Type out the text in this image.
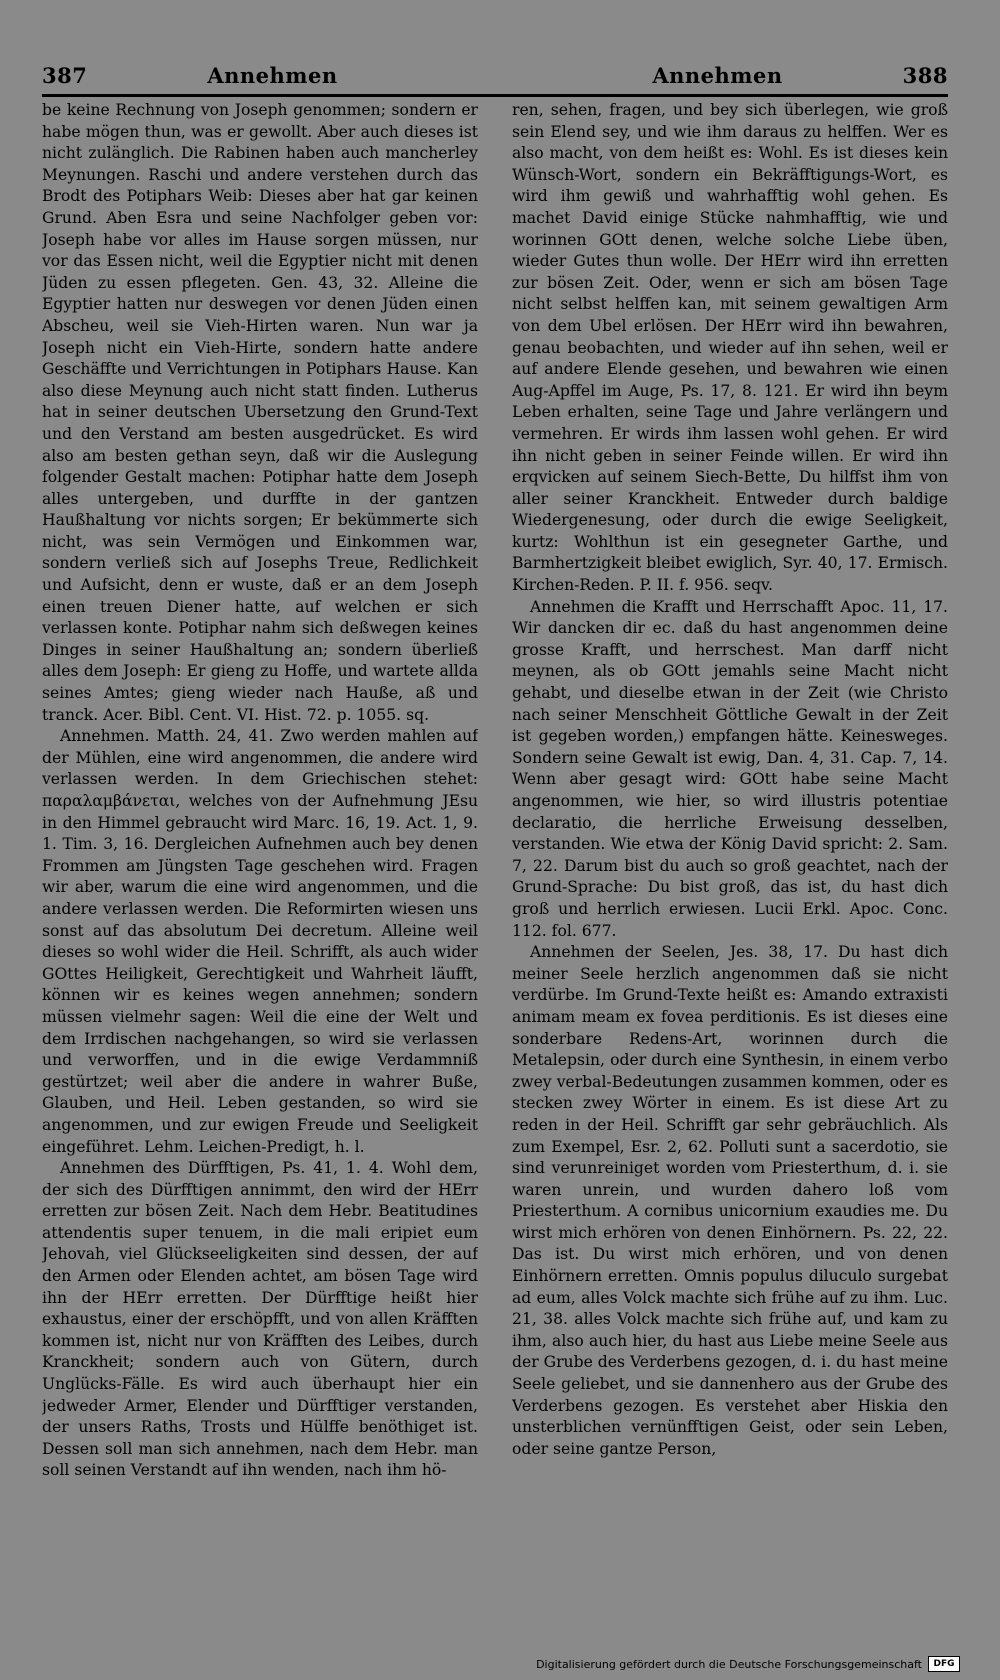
387	Annehmen	Annehmen	388

be keine Rechnung von Joseph genommen; sondern er habe mögen thun, was er gewollt. Aber auch dieses ist nicht zulänglich. Die Rabinen haben auch mancherley Meynungen. Raschi und andere verstehen durch das Brodt des Potiphars Weib: Dieses aber hat gar keinen Grund. Aben Esra und seine Nachfolger geben vor: Joseph habe vor alles im Hause sorgen müssen, nur vor das Essen nicht, weil die Egyptier nicht mit denen Jüden zu essen pflegeten. Gen. 43, 32. Alleine die Egyptier hatten nur deswegen vor denen Jüden einen Abscheu, weil sie Vieh-Hirten waren. Nun war ja Joseph nicht ein Vieh-Hirte, sondern hatte andere Geschäffte und Verrichtungen in Potiphars Hause. Kan also diese Meynung auch nicht statt finden. Lutherus hat in seiner deutschen Ubersetzung den Grund-Text und den Verstand am besten ausgedrücket. Es wird also am besten gethan seyn, daß wir die Auslegung folgender Gestalt machen: Potiphar hatte dem Joseph alles untergeben, und durffte in der gantzen Haußhaltung vor nichts sorgen; Er bekümmerte sich nicht, was sein Vermögen und Einkommen war, sondern verließ sich auf Josephs Treue, Redlichkeit und Aufsicht, denn er wuste, daß er an dem Joseph einen treuen Diener hatte, auf welchen er sich verlassen konte. Potiphar nahm sich deßwegen keines Dinges in seiner Haußhaltung an; sondern überließ alles dem Joseph: Er gieng zu Hoffe, und wartete allda seines Amtes; gieng wieder nach Hauße, aß und tranck. Acer. Bibl. Cent. VI. Hist. 72. p. 1055. sq.

Annehmen. Matth. 24, 41. Zwo werden mahlen auf der Mühlen, eine wird angenommen, die andere wird verlassen werden. In dem Griechischen stehet: παραλαμβάνεται, welches von der Aufnehmung JEsu in den Himmel gebraucht wird Marc. 16, 19. Act. 1, 9. 1. Tim. 3, 16. Dergleichen Aufnehmen auch bey denen Frommen am Jüngsten Tage geschehen wird. Fragen wir aber, warum die eine wird angenommen, und die andere verlassen werden. Die Reformirten wiesen uns sonst auf das absolutum Dei decretum. Alleine weil dieses so wohl wider die Heil. Schrifft, als auch wider GOttes Heiligkeit, Gerechtigkeit und Wahrheit läufft, können wir es keines wegen annehmen; sondern müssen vielmehr sagen: Weil die eine der Welt und dem Irrdischen nachgehangen, so wird sie verlassen und verworffen, und in die ewige Verdammniß gestürtzet; weil aber die andere in wahrer Buße, Glauben, und Heil. Leben gestanden, so wird sie angenommen, und zur ewigen Freude und Seeligkeit eingeführet. Lehm. Leichen-Predigt, h. l.

Annehmen des Dürfftigen, Ps. 41, 1. 4. Wohl dem, der sich des Dürfftigen annimmt, den wird der HErr erretten zur bösen Zeit. Nach dem Hebr. Beatitudines attendentis super tenuem, in die mali eripiet eum Jehovah, viel Glückseeligkeiten sind dessen, der auf den Armen oder Elenden achtet, am bösen Tage wird ihn der HErr erretten. Der Dürfftige heißt hier exhaustus, einer der erschöpfft, und von allen Kräfften kommen ist, nicht nur von Kräfften des Leibes, durch Kranckheit; sondern auch von Gütern, durch Unglücks-Fälle. Es wird auch überhaupt hier ein jedweder Armer, Elender und Dürfftiger verstanden, der unsers Raths, Trosts und Hülffe benöthiget ist. Dessen soll man sich annehmen, nach dem Hebr. man soll seinen Verstandt auf ihn wenden, nach ihm hö-

ren, sehen, fragen, und bey sich überlegen, wie groß sein Elend sey, und wie ihm daraus zu helffen. Wer es also macht, von dem heißt es: Wohl. Es ist dieses kein Wünsch-Wort, sondern ein Bekräfftigungs-Wort, es wird ihm gewiß und wahrhafftig wohl gehen. Es machet David einige Stücke nahmhafftig, wie und worinnen GOtt denen, welche solche Liebe üben, wieder Gutes thun wolle. Der HErr wird ihn erretten zur bösen Zeit. Oder, wenn er sich am bösen Tage nicht selbst helffen kan, mit seinem gewaltigen Arm von dem Ubel erlösen. Der HErr wird ihn bewahren, genau beobachten, und wieder auf ihn sehen, weil er auf andere Elende gesehen, und bewahren wie einen Aug-Apffel im Auge, Ps. 17, 8. 121. Er wird ihn beym Leben erhalten, seine Tage und Jahre verlängern und vermehren. Er wirds ihm lassen wohl gehen. Er wird ihn nicht geben in seiner Feinde willen. Er wird ihn erqvicken auf seinem Siech-Bette, Du hilffst ihm von aller seiner Kranckheit. Entweder durch baldige Wiedergenesung, oder durch die ewige Seeligkeit, kurtz: Wohlthun ist ein gesegneter Garthe, und Barmhertzigkeit bleibet ewiglich, Syr. 40, 17. Ermisch. Kirchen-Reden. P. II. f. 956. seqv.

Annehmen die Krafft und Herrschafft Apoc. 11, 17. Wir dancken dir ec. daß du hast angenommen deine grosse Krafft, und herrschest. Man darff nicht meynen, als ob GOtt jemahls seine Macht nicht gehabt, und dieselbe etwan in der Zeit (wie Christo nach seiner Menschheit Göttliche Gewalt in der Zeit ist gegeben worden,) empfangen hätte. Keinesweges. Sondern seine Gewalt ist ewig, Dan. 4, 31. Cap. 7, 14. Wenn aber gesagt wird: GOtt habe seine Macht angenommen, wie hier, so wird illustris potentiae declaratio, die herrliche Erweisung desselben, verstanden. Wie etwa der König David spricht: 2. Sam. 7, 22. Darum bist du auch so groß geachtet, nach der Grund-Sprache: Du bist groß, das ist, du hast dich groß und herrlich erwiesen. Lucii Erkl. Apoc. Conc. 112. fol. 677.

Annehmen der Seelen, Jes. 38, 17. Du hast dich meiner Seele herzlich angenommen daß sie nicht verdürbe. Im Grund-Texte heißt es: Amando extraxisti animam meam ex fovea perditionis. Es ist dieses eine sonderbare Redens-Art, worinnen durch die Metalepsin, oder durch eine Synthesin, in einem verbo zwey verbal-Bedeutungen zusammen kommen, oder es stecken zwey Wörter in einem. Es ist diese Art zu reden in der Heil. Schrifft gar sehr gebräuchlich. Als zum Exempel, Esr. 2, 62. Polluti sunt a sacerdotio, sie sind verunreiniget worden vom Priesterthum, d. i. sie waren unrein, und wurden dahero loß vom Priesterthum. A cornibus unicornium exaudies me. Du wirst mich erhören von denen Einhörnern. Ps. 22, 22. Das ist. Du wirst mich erhören, und von denen Einhörnern erretten. Omnis populus diluculo surgebat ad eum, alles Volck machte sich frühe auf zu ihm. Luc. 21, 38. alles Volck machte sich frühe auf, und kam zu ihm, also auch hier, du hast aus Liebe meine Seele aus der Grube des Verderbens gezogen, d. i. du hast meine Seele geliebet, und sie dannenhero aus der Grube des Verderbens gezogen. Es verstehet aber Hiskia den unsterblichen vernünfftigen Geist, oder sein Leben, oder seine gantze Person,

Digitalisierung gefördert durch die Deutsche Forschungsgemeinschaft	DFG
